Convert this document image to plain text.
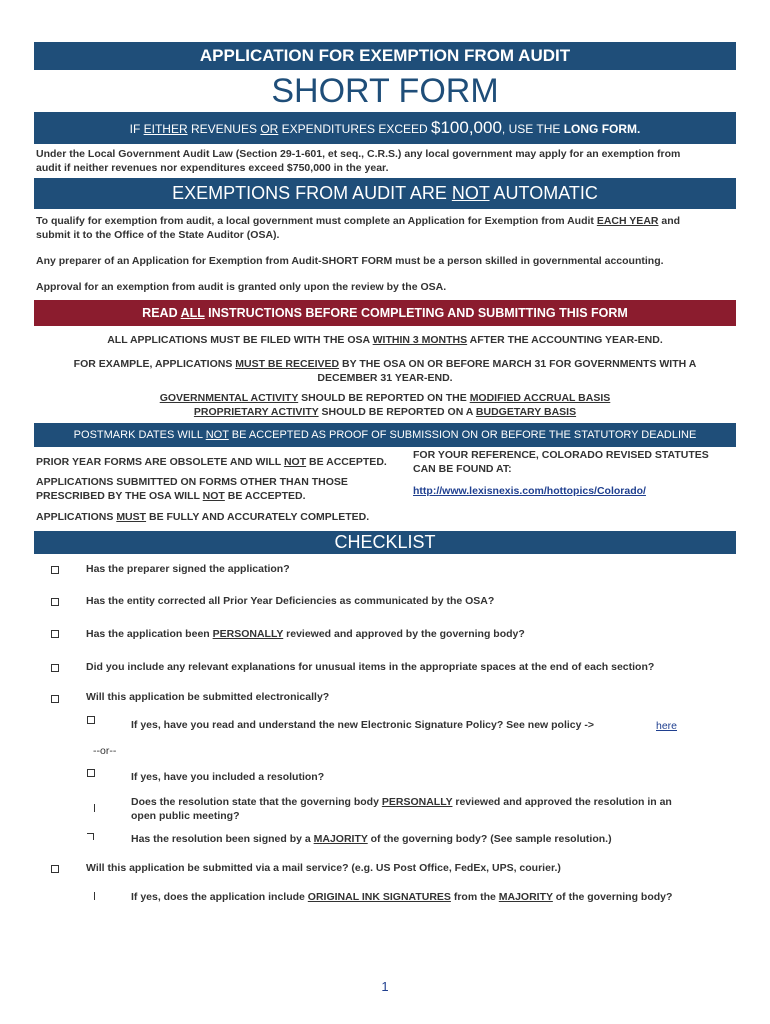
APPLICATION FOR EXEMPTION FROM AUDIT
SHORT FORM
IF EITHER REVENUES OR EXPENDITURES EXCEED $100,000, USE THE LONG FORM.
Under the Local Government Audit Law (Section 29-1-601, et seq., C.R.S.) any local government may apply for an exemption from
audit if neither revenues nor expenditures exceed $750,000 in the year.
EXEMPTIONS FROM AUDIT ARE NOT AUTOMATIC
To qualify for exemption from audit, a local government must complete an Application for Exemption from Audit EACH YEAR and
submit it to the Office of the State Auditor (OSA).
Any preparer of an Application for Exemption from Audit-SHORT FORM must be a person skilled in governmental accounting.
Approval for an exemption from audit is granted only upon the review by the OSA.
READ ALL INSTRUCTIONS BEFORE COMPLETING AND SUBMITTING THIS FORM
ALL APPLICATIONS MUST BE FILED WITH THE OSA WITHIN 3 MONTHS AFTER THE ACCOUNTING YEAR-END.
FOR EXAMPLE, APPLICATIONS MUST BE RECEIVED BY THE OSA ON OR BEFORE MARCH 31 FOR GOVERNMENTS WITH A
DECEMBER 31 YEAR-END.
GOVERNMENTAL ACTIVITY SHOULD BE REPORTED ON THE MODIFIED ACCRUAL BASIS
PROPRIETARY ACTIVITY SHOULD BE REPORTED ON A BUDGETARY BASIS
POSTMARK DATES WILL NOT BE ACCEPTED AS PROOF OF SUBMISSION ON OR BEFORE THE STATUTORY DEADLINE
PRIOR YEAR FORMS ARE OBSOLETE AND WILL NOT BE ACCEPTED.
APPLICATIONS SUBMITTED ON FORMS OTHER THAN THOSE
PRESCRIBED BY THE OSA WILL NOT BE ACCEPTED.
APPLICATIONS MUST BE FULLY AND ACCURATELY COMPLETED.
FOR YOUR REFERENCE, COLORADO REVISED STATUTES
CAN BE FOUND AT:
http://www.lexisnexis.com/hottopics/Colorado/
CHECKLIST
Has the preparer signed the application?
Has the entity corrected all Prior Year Deficiencies as communicated by the OSA?
Has the application been PERSONALLY reviewed and approved by the governing body?
Did you include any relevant explanations for unusual items in the appropriate spaces at the end of each section?
Will this application be submitted electronically?
If yes, have you read and understand the new Electronic Signature Policy? See new policy ->	here
--or--
If yes, have you included a resolution?
Does the resolution state that the governing body PERSONALLY reviewed and approved the resolution in an
open public meeting?
Has the resolution been signed by a MAJORITY of the governing body? (See sample resolution.)
Will this application be submitted via a mail service? (e.g. US Post Office, FedEx, UPS, courier.)
If yes, does the application include ORIGINAL INK SIGNATURES from the MAJORITY of the governing body?
1
